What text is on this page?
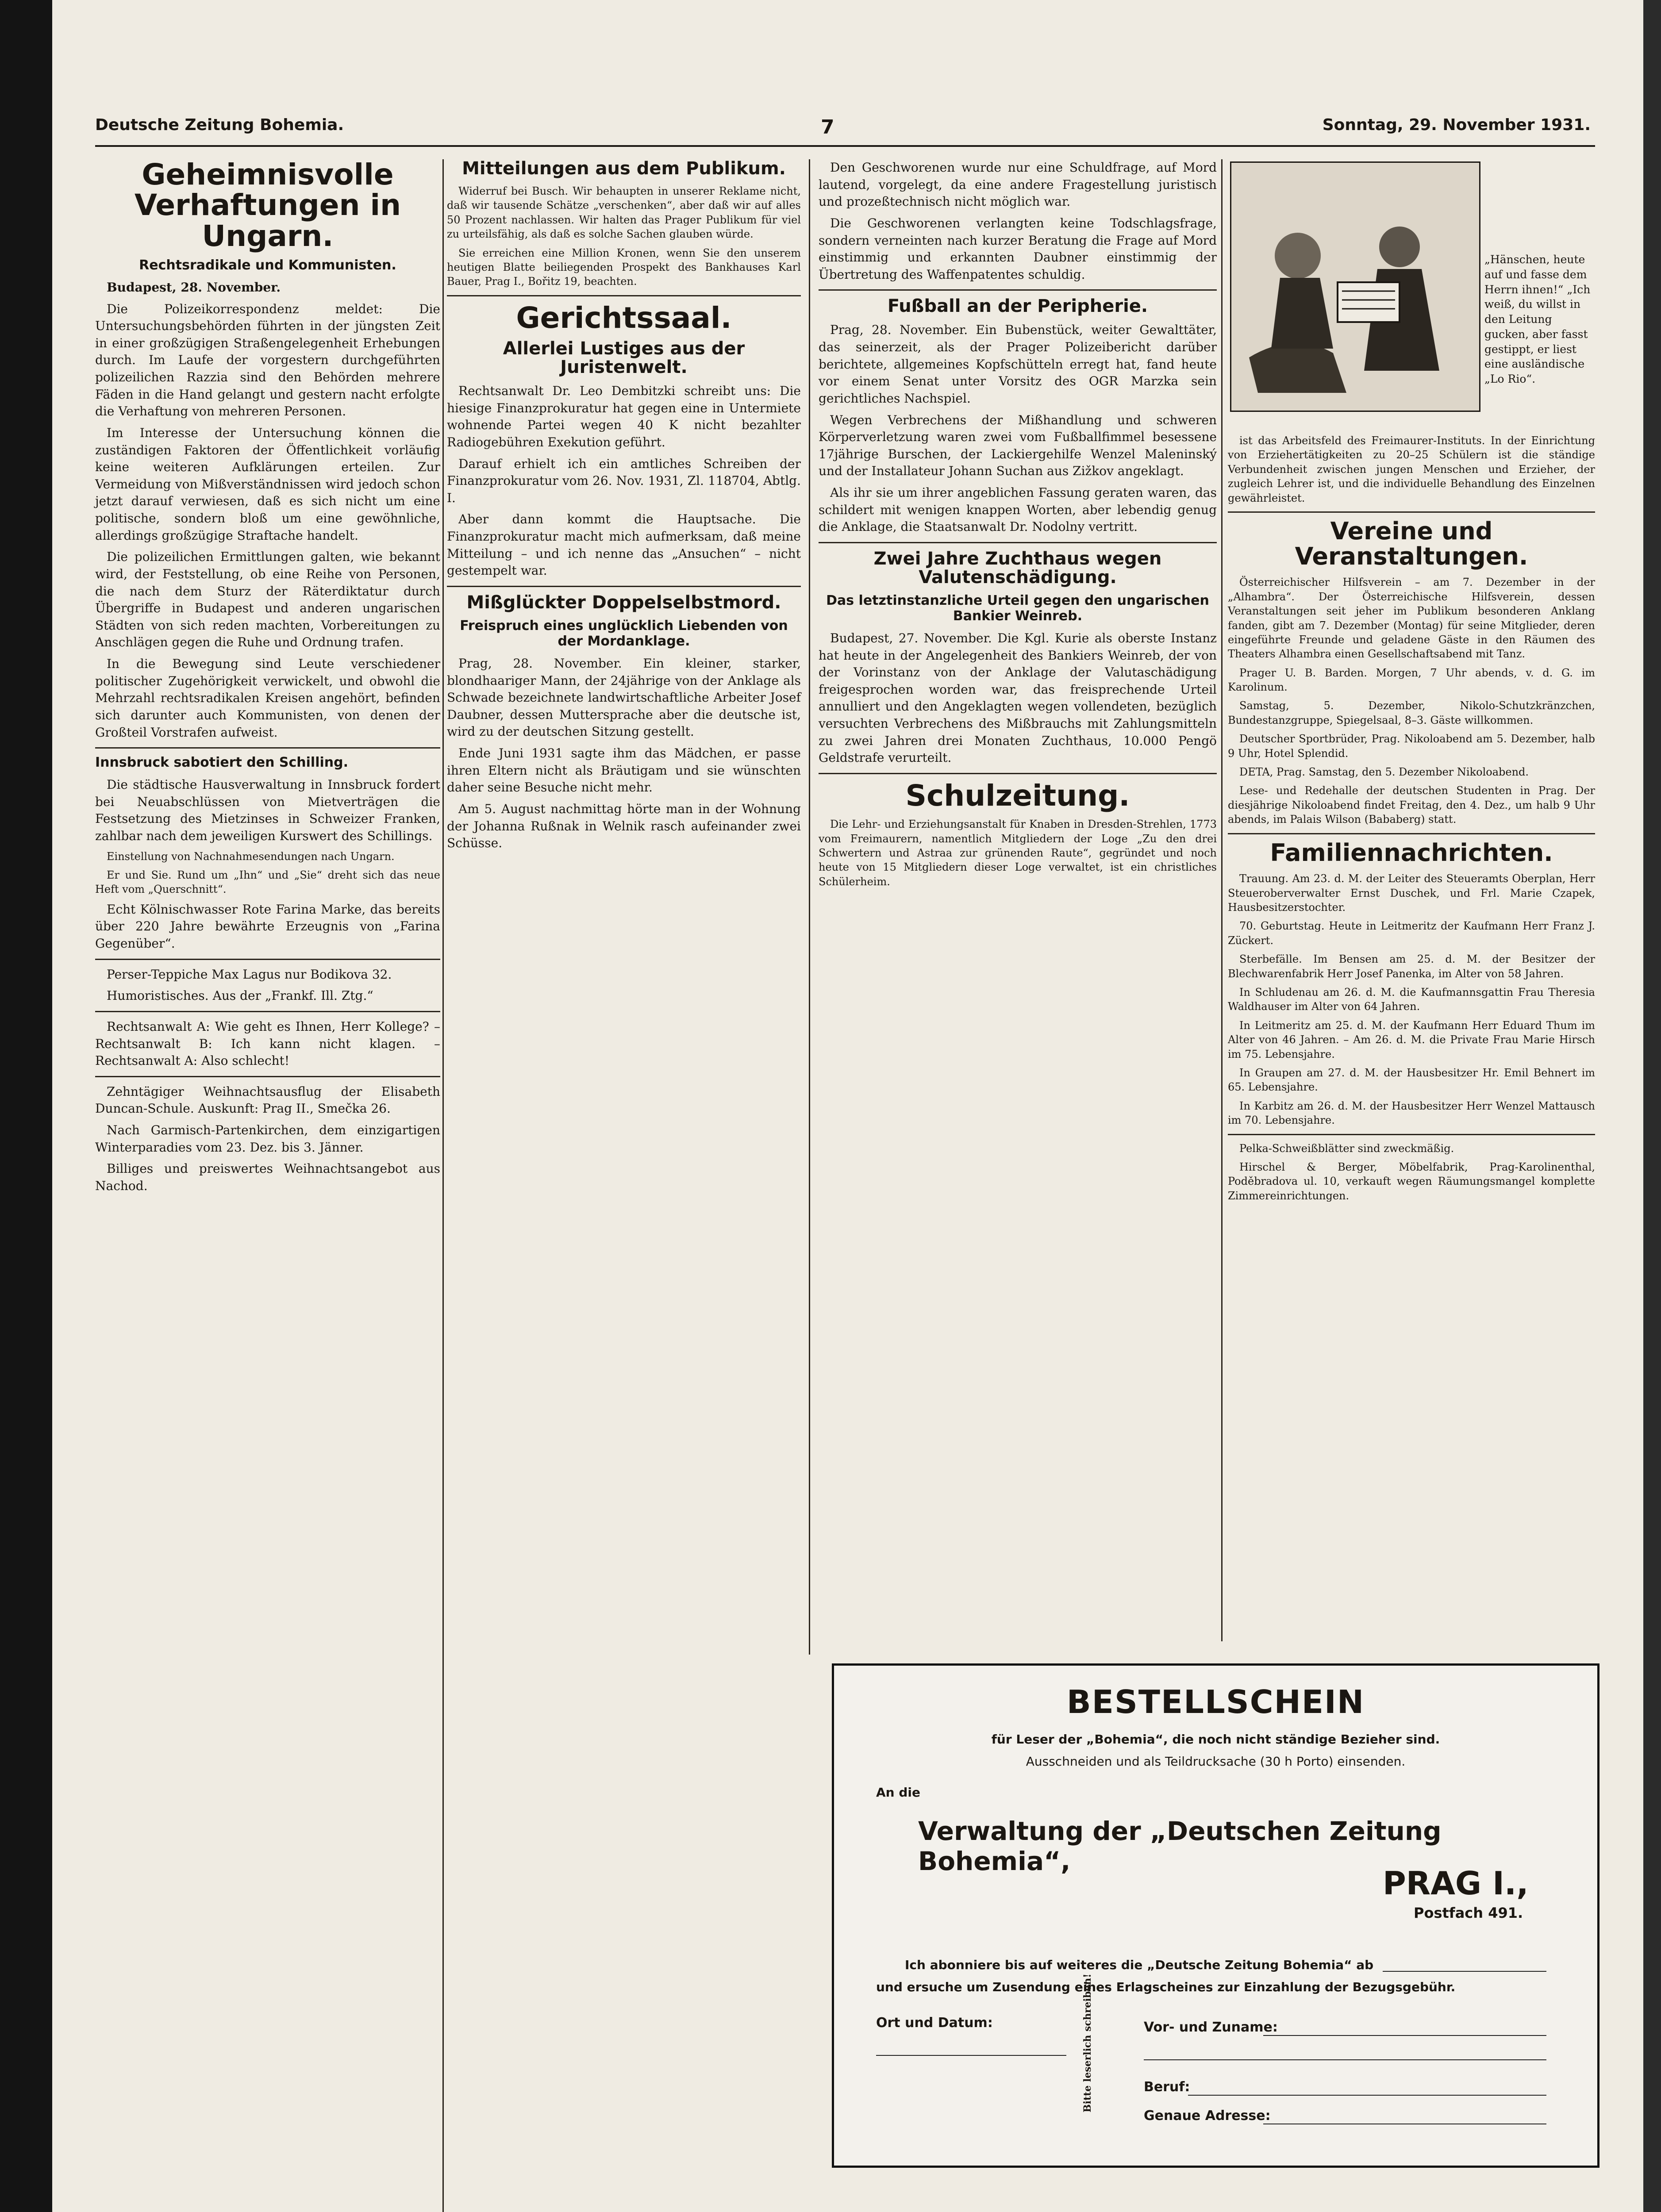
Deutsche Zeitung Bohemia.	7	Sonntag, 29. November 1931.
Geheimnisvolle Verhaftungen in Ungarn.
Rechtsradikale und Kommunisten.

Budapest, 28. November.

Die Polizeikorrespondenz meldet: Die Untersuchungsbehörden führten in der jüngsten Zeit in einer großzügigen Straßengelegenheit Erhebungen durch. Im Laufe der vorgestern durchgeführten polizeilichen Razzia sind den Behörden mehrere Fäden in die Hand gelangt und gestern nacht erfolgte die Verhaftung von mehreren Personen.

Im Interesse der Untersuchung können die zuständigen Faktoren der Öffentlichkeit vorläufig keine weiteren Aufklärungen erteilen. Zur Vermeidung von Mißverständnissen wird jedoch schon jetzt darauf verwiesen, daß es sich nicht um eine politische, sondern bloß um eine gewöhnliche, allerdings großzügige Straftache handelt.

Die polizeilichen Ermittlungen galten, wie bekannt wird, der Feststellung, ob eine Reihe von Personen, die nach dem Sturz der Räterdiktatur durch Übergriffe in Budapest und anderen ungarischen Städten von sich reden machten, Vorbereitungen zu Anschlägen gegen die Ruhe und Ordnung trafen.

In die Bewegung sind Leute verschiedener politischer Zugehörigkeit verwickelt, und obwohl die Mehrzahl rechtsradikalen Kreisen angehört, befinden sich darunter auch Kommunisten, von denen der Großteil Vorstrafen aufweist.

Innsbruck sabotiert den Schilling.

Die städtische Hausverwaltung in Innsbruck fordert bei Neuabschlüssen von Mietverträgen die Festsetzung des Mietzinses in Schweizer Franken, zahlbar nach dem jeweiligen Kurswert des Schillings.

Einstellung von Nachnahmesendungen nach Ungarn.

Er und Sie. Rund um „Ihn“ und „Sie“ dreht sich das neue Heft vom „Querschnitt“.

Echt Kölnischwasser Rote Farina Marke, das bereits über 220 Jahre bewährte Erzeugnis von „Farina Gegenüber“.

Perser-Teppiche Max Lagus nur Bodikova 32.

Humoristisches. Aus der „Frankf. Ill. Ztg.“

Rechtsanwalt A: Wie geht es Ihnen, Herr Kollege? – Rechtsanwalt B: Ich kann nicht klagen. – Rechtsanwalt A: Also schlecht!

Zehntägiger Weihnachtsausflug der Elisabeth Duncan-Schule. Auskunft: Prag II., Smečka 26.

Nach Garmisch-Partenkirchen, dem einzigartigen Winterparadies vom 23. Dez. bis 3. Jänner.

Billiges und preiswertes Weihnachtsangebot aus Nachod.

Mitteilungen aus dem Publikum.

Widerruf bei Busch. Wir behaupten in unserer Reklame nicht, daß wir tausende Schätze „verschenken“, aber daß wir auf alles 50 Prozent nachlassen. Wir halten das Prager Publikum für viel zu urteilsfähig, als daß es solche Sachen glauben würde.

Sie erreichen eine Million Kronen, wenn Sie den unserem heutigen Blatte beiliegenden Prospekt des Bankhauses Karl Bauer, Prag I., Bořitz 19, beachten.

Gerichtssaal.
Allerlei Lustiges aus der Juristenwelt.

Rechtsanwalt Dr. Leo Dembitzki schreibt uns: Die hiesige Finanzprokuratur hat gegen eine in Untermiete wohnende Partei wegen 40 K nicht bezahlter Radiogebühren Exekution geführt.

Darauf erhielt ich ein amtliches Schreiben der Finanzprokuratur vom 26. Nov. 1931, Zl. 118704, Abtlg. I.

Aber dann kommt die Hauptsache. Die Finanzprokuratur macht mich aufmerksam, daß meine Mitteilung – und ich nenne das „Ansuchen“ – nicht gestempelt war.

Mißglückter Doppelselbstmord.
Freispruch eines unglücklich Liebenden von der Mordanklage.

Prag, 28. November. Ein kleiner, starker, blondhaariger Mann, der 24jährige von der Anklage als Schwade bezeichnete landwirtschaftliche Arbeiter Josef Daubner, dessen Muttersprache aber die deutsche ist, wird zu der deutschen Sitzung gestellt.

Ende Juni 1931 sagte ihm das Mädchen, er passe ihren Eltern nicht als Bräutigam und sie wünschten daher seine Besuche nicht mehr.

Am 5. August nachmittag hörte man in der Wohnung der Johanna Rußnak in Welnik rasch aufeinander zwei Schüsse.

Den Geschworenen wurde nur eine Schuldfrage, auf Mord lautend, vorgelegt, da eine andere Fragestellung juristisch und prozeßtechnisch nicht möglich war.

Die Geschworenen verlangten keine Todschlagsfrage, sondern verneinten nach kurzer Beratung die Frage auf Mord einstimmig und erkannten Daubner einstimmig der Übertretung des Waffenpatentes schuldig.

Fußball an der Peripherie.

Prag, 28. November. Ein Bubenstück, weiter Gewalttäter, das seinerzeit, als der Prager Polizeibericht darüber berichtete, allgemeines Kopfschütteln erregt hat, fand heute vor einem Senat unter Vorsitz des OGR Marzka sein gerichtliches Nachspiel.

Wegen Verbrechens der Mißhandlung und schweren Körperverletzung waren zwei vom Fußballfimmel besessene 17jährige Burschen, der Lackiergehilfe Wenzel Maleninský und der Installateur Johann Suchan aus Zižkov angeklagt.

Als ihr sie um ihrer angeblichen Fassung geraten waren, das schildert mit wenigen knappen Worten, aber lebendig genug die Anklage, die Staatsanwalt Dr. Nodolny vertritt.

Zwei Jahre Zuchthaus wegen Valutenschädigung.
Das letztinstanzliche Urteil gegen den ungarischen Bankier Weinreb.

Budapest, 27. November. Die Kgl. Kurie als oberste Instanz hat heute in der Angelegenheit des Bankiers Weinreb, der von der Vorinstanz von der Anklage der Valutaschädigung freigesprochen worden war, das freisprechende Urteil annulliert und den Angeklagten wegen vollendeten, bezüglich versuchten Verbrechens des Mißbrauchs mit Zahlungsmitteln zu zwei Jahren drei Monaten Zuchthaus, 10.000 Pengö Geldstrafe verurteilt.

Schulzeitung.

Die Lehr- und Erziehungsanstalt für Knaben in Dresden-Strehlen, 1773 vom Freimaurern, namentlich Mitgliedern der Loge „Zu den drei Schwertern und Astraa zur grünenden Raute“, gegründet und noch heute von 15 Mitgliedern dieser Loge verwaltet, ist ein christliches Schülerheim.

„Hänschen, heute auf und fasse dem Herrn ihnen!“ „Ich weiß, du willst in den Leitung gucken, aber fasst gestippt, er liest eine ausländische „Lo Rio“.

ist das Arbeitsfeld des Freimaurer-Instituts. In der Einrichtung von Erziehertätigkeiten zu 20–25 Schülern ist die ständige Verbundenheit zwischen jungen Menschen und Erzieher, der zugleich Lehrer ist, und die individuelle Behandlung des Einzelnen gewährleistet.

Vereine und Veranstaltungen.

Österreichischer Hilfsverein – am 7. Dezember in der „Alhambra“. Der Österreichische Hilfsverein, dessen Veranstaltungen seit jeher im Publikum besonderen Anklang fanden, gibt am 7. Dezember (Montag) für seine Mitglieder, deren eingeführte Freunde und geladene Gäste in den Räumen des Theaters Alhambra einen Gesellschaftsabend mit Tanz.

Prager U. B. Barden. Morgen, 7 Uhr abends, v. d. G. im Karolinum.

Samstag, 5. Dezember, Nikolo-Schutzkränzchen, Bundestanzgruppe, Spiegelsaal, 8–3. Gäste willkommen.

Deutscher Sportbrüder, Prag. Nikoloabend am 5. Dezember, halb 9 Uhr, Hotel Splendid.

DETA, Prag. Samstag, den 5. Dezember Nikoloabend.

Lese- und Redehalle der deutschen Studenten in Prag. Der diesjährige Nikoloabend findet Freitag, den 4. Dez., um halb 9 Uhr abends, im Palais Wilson (Bababerg) statt.

Familiennachrichten.

Trauung. Am 23. d. M. der Leiter des Steueramts Oberplan, Herr Steueroberverwalter Ernst Duschek, und Frl. Marie Czapek, Hausbesitzerstochter.

70. Geburtstag. Heute in Leitmeritz der Kaufmann Herr Franz J. Zückert.

Sterbefälle. Im Bensen am 25. d. M. der Besitzer der Blechwarenfabrik Herr Josef Panenka, im Alter von 58 Jahren.

In Schludenau am 26. d. M. die Kaufmannsgattin Frau Theresia Waldhauser im Alter von 64 Jahren.

In Leitmeritz am 25. d. M. der Kaufmann Herr Eduard Thum im Alter von 46 Jahren. – Am 26. d. M. die Private Frau Marie Hirsch im 75. Lebensjahre.

In Graupen am 27. d. M. der Hausbesitzer Hr. Emil Behnert im 65. Lebensjahre.

In Karbitz am 26. d. M. der Hausbesitzer Herr Wenzel Mattausch im 70. Lebensjahre.

Pelka-Schweißblätter sind zweckmäßig.

Hirschel & Berger, Möbelfabrik, Prag-Karolinenthal, Poděbradova ul. 10, verkauft wegen Räumungsmangel komplette Zimmereinrichtungen.

BESTELLSCHEIN
für Leser der „Bohemia“, die noch nicht ständige Bezieher sind.
Ausschneiden und als Teildrucksache (30 h Porto) einsenden.
An die
Verwaltung der „Deutschen Zeitung Bohemia“,
PRAG I.,
Postfach 491.
Ich abonniere bis auf weiteres die „Deutsche Zeitung Bohemia“ ab
und ersuche um Zusendung eines Erlagscheines zur Einzahlung der Bezugsgebühr.
Ort und Datum:	Bitte leserlich schreiben!	Vor- und Zuname:
Beruf:
Genaue Adresse:
